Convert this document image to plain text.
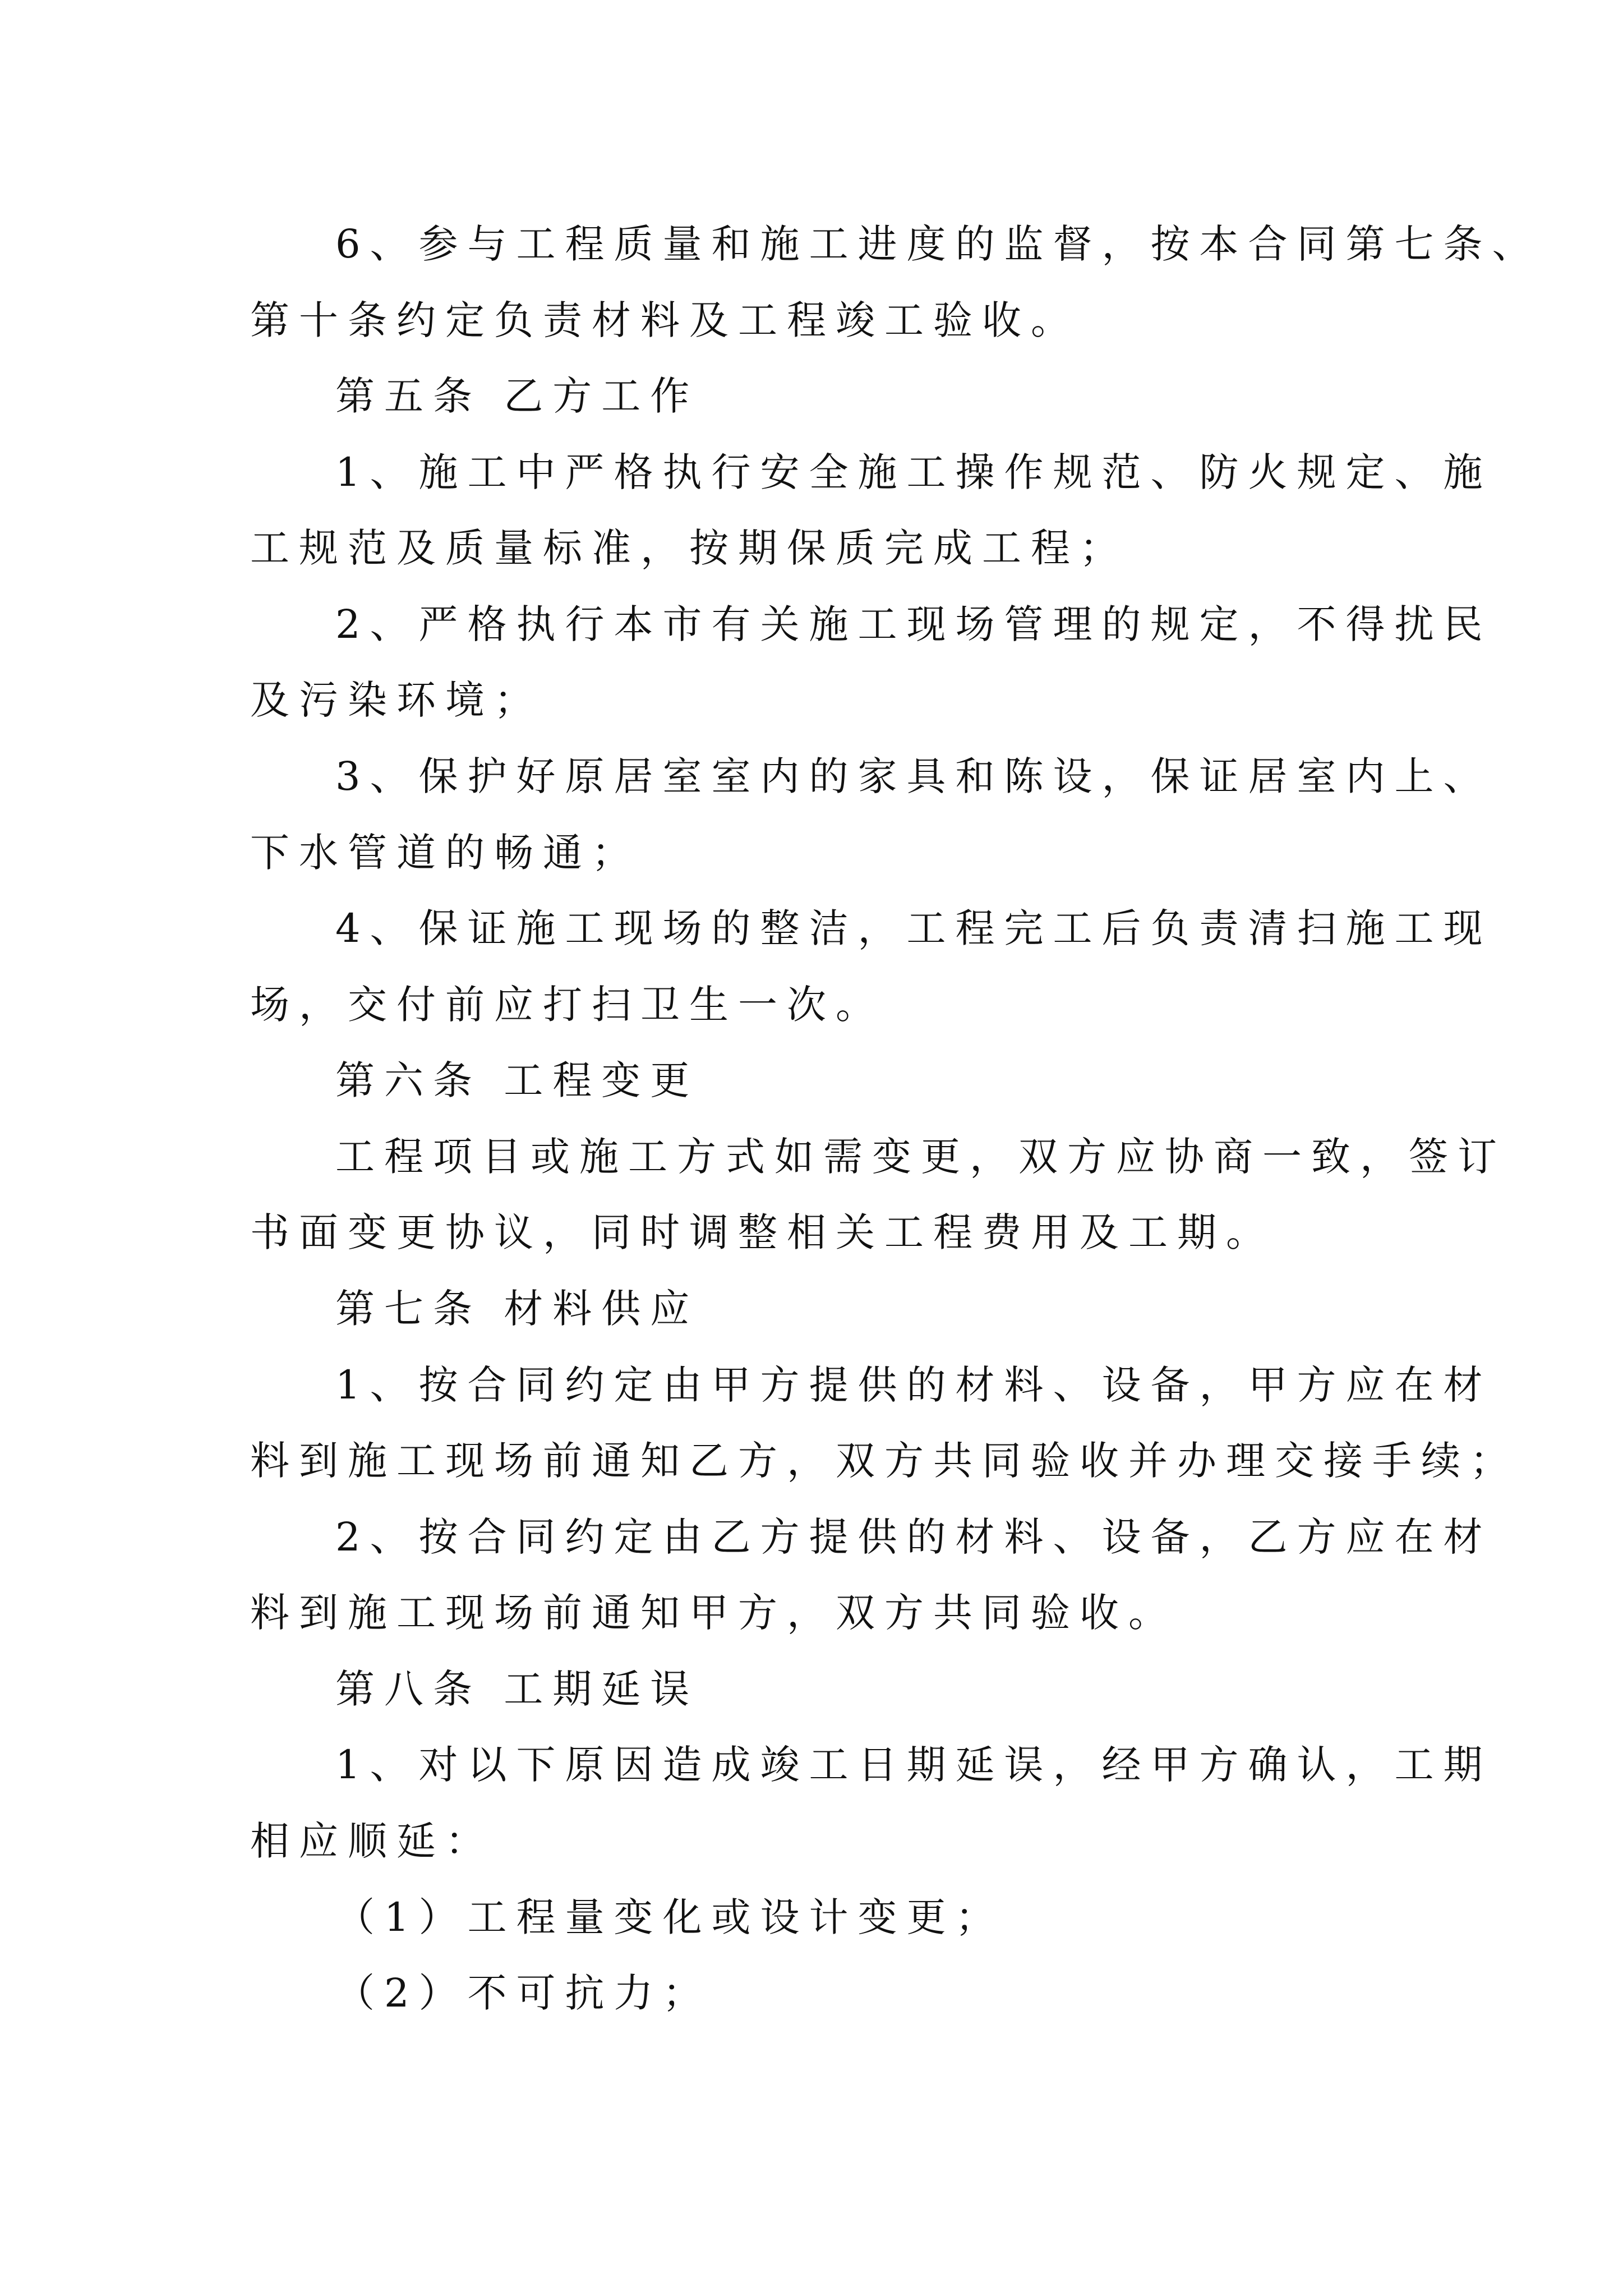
6、参与工程质量和施工进度的监督，按本合同第七条、

第十条约定负责材料及工程竣工验收。

第五条 乙方工作

1、施工中严格执行安全施工操作规范、防火规定、施

工规范及质量标准，按期保质完成工程；

2、严格执行本市有关施工现场管理的规定，不得扰民

及污染环境；

3、保护好原居室室内的家具和陈设，保证居室内上、

下水管道的畅通；

4、保证施工现场的整洁，工程完工后负责清扫施工现

场，交付前应打扫卫生一次。

第六条 工程变更

工程项目或施工方式如需变更，双方应协商一致，签订

书面变更协议，同时调整相关工程费用及工期。

第七条 材料供应

1、按合同约定由甲方提供的材料、设备，甲方应在材

料到施工现场前通知乙方，双方共同验收并办理交接手续；

2、按合同约定由乙方提供的材料、设备，乙方应在材

料到施工现场前通知甲方，双方共同验收。

第八条 工期延误

1、对以下原因造成竣工日期延误，经甲方确认，工期

相应顺延：

（1）工程量变化或设计变更；

（2）不可抗力；
